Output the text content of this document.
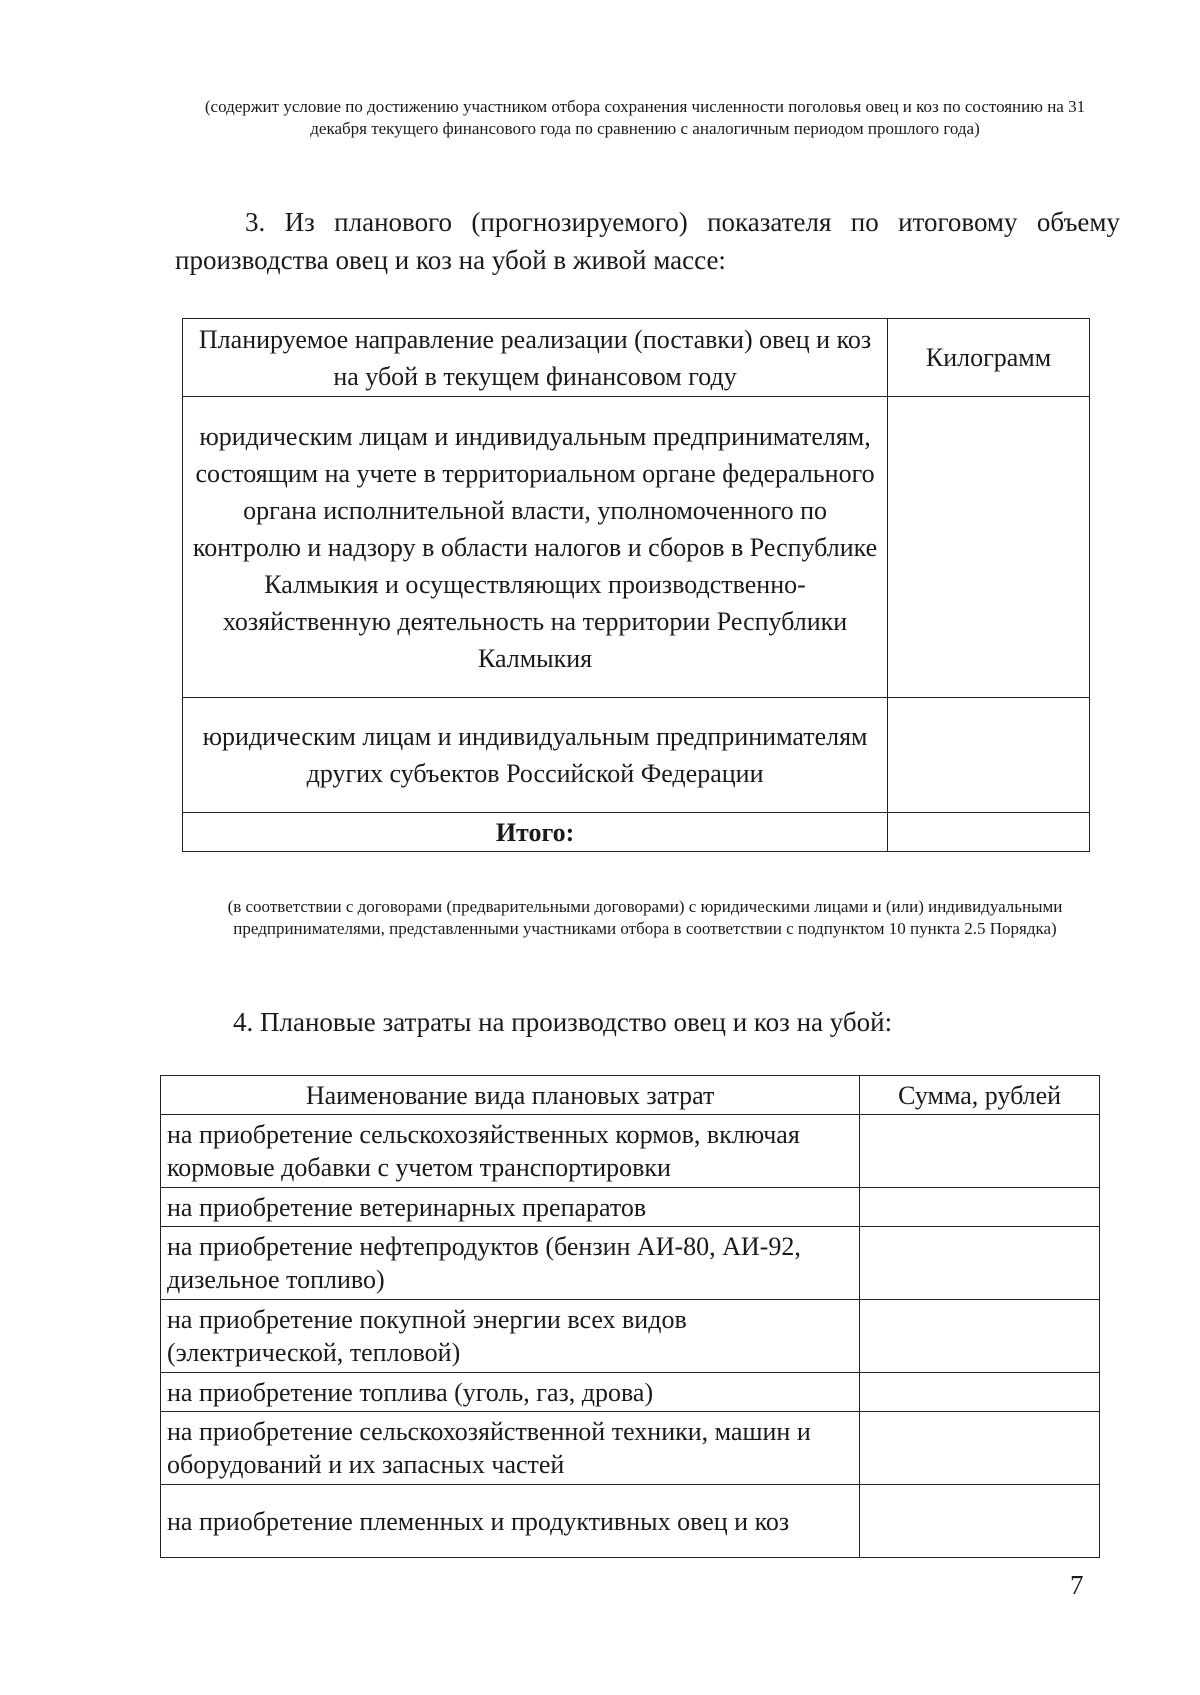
(содержит условие по достижению участником отбора сохранения численности поголовья овец и коз по состоянию на 31 декабря текущего финансового года по сравнению с аналогичным периодом прошлого года)
3. Из планового (прогнозируемого) показателя по итоговому объему производства овец и коз на убой в живой массе:
Планируемое направление реализации (поставки) овец и коз на убой в текущем финансовом году	Килограмм
юридическим лицам и индивидуальным предпринимателям, состоящим на учете в территориальном органе федерального органа исполнительной власти, уполномоченного по контролю и надзору в области налогов и сборов в Республике Калмыкия и осуществляющих производственно-хозяйственную деятельность на территории Республики Калмыкия	
юридическим лицам и индивидуальным предпринимателям других субъектов Российской Федерации	
Итого:	
(в соответствии с договорами (предварительными договорами) с юридическими лицами и (или) индивидуальными предпринимателями, представленными участниками отбора в соответствии с подпунктом 10 пункта 2.5 Порядка)
4. Плановые затраты на производство овец и коз на убой:
Наименование вида плановых затрат	Сумма, рублей
на приобретение сельскохозяйственных кормов, включая кормовые добавки с учетом транспортировки	
на приобретение ветеринарных препаратов	
на приобретение нефтепродуктов (бензин АИ-80, АИ-92, дизельное топливо)	
на приобретение покупной энергии всех видов (электрической, тепловой)	
на приобретение топлива (уголь, газ, дрова)	
на приобретение сельскохозяйственной техники, машин и оборудований и их запасных частей	
на приобретение племенных и продуктивных овец и коз	
7
